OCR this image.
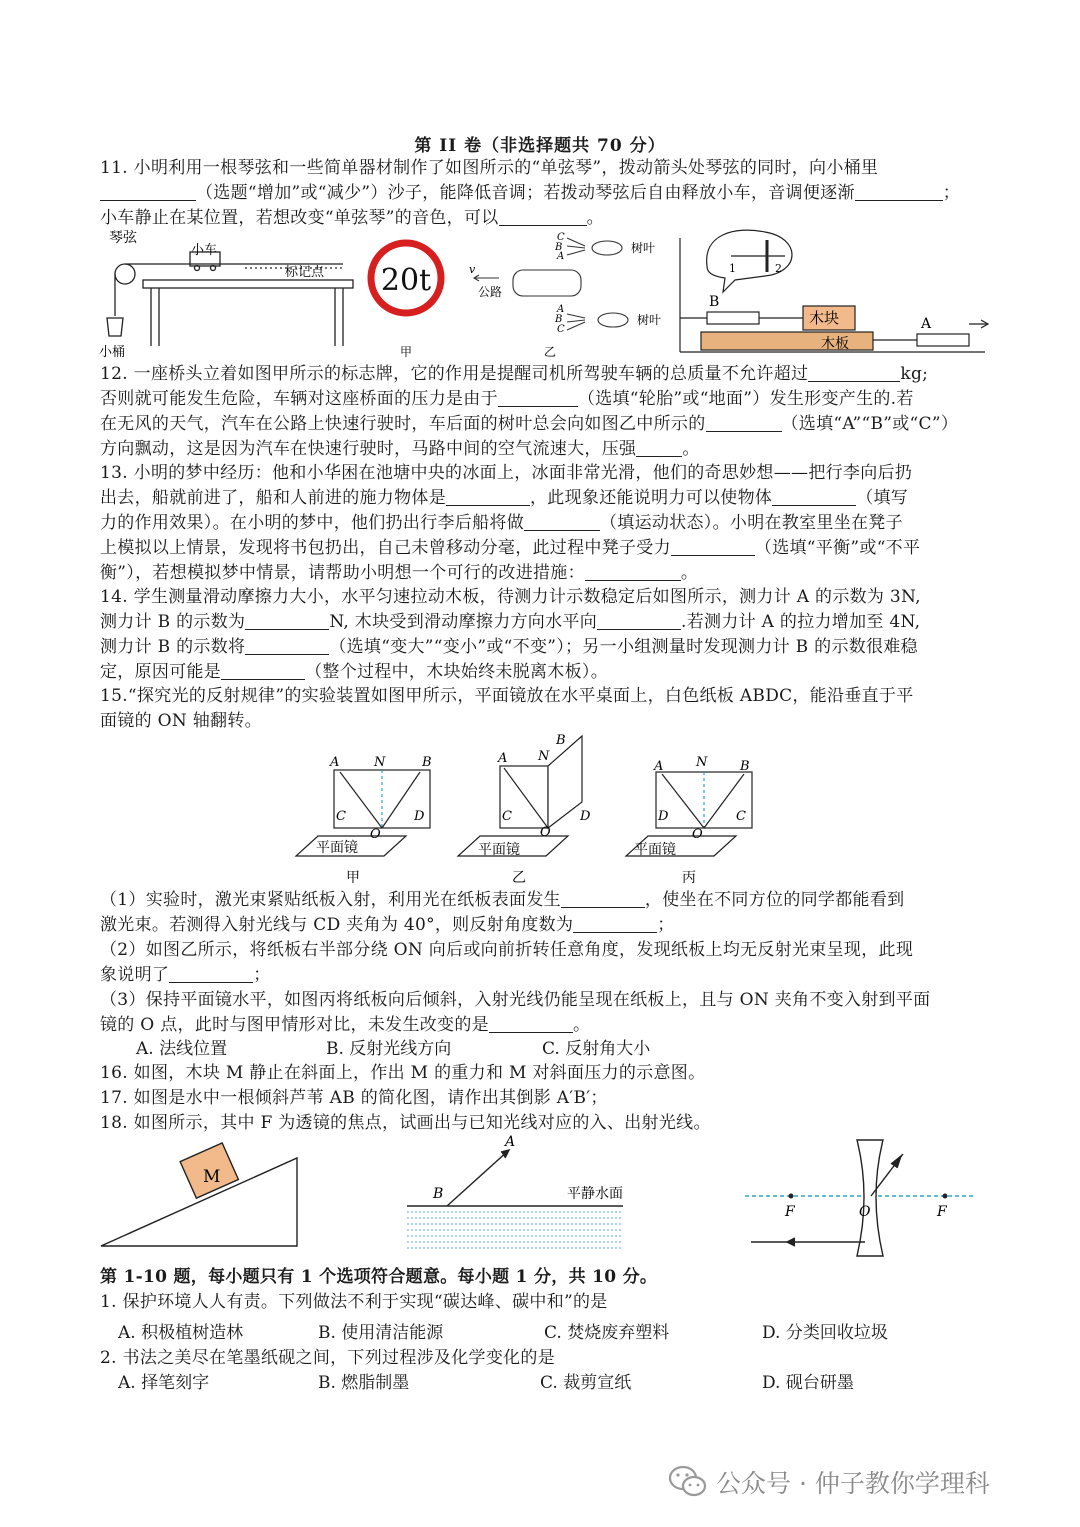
第 II 卷（非选择题共 70 分）
11. 小明利用一根琴弦和一些简单器材制作了如图所示的“单弦琴”，拨动箭头处琴弦的同时，向小桶里
（选题“增加”或“减少”）沙子，能降低音调；若拨动琴弦后自由释放小车，音调便逐渐	；
小车静止在某位置，若想改变“单弦琴”的音色，可以	。
琴弦
小车
标记点
小桶
20t
甲
v
公路
树叶
树叶
C
B
A
A
B
C
乙
1	2
B
A
木块
木板
12. 一座桥头立着如图甲所示的标志牌，它的作用是提醒司机所驾驶车辆的总质量不允许超过	kg;
否则就可能发生危险，车辆对这座桥面的压力是由于	（选填“轮胎”或“地面”）发生形变产生的.若
在无风的天气，汽车在公路上快速行驶时，车后面的树叶总会向如图乙中所示的	（选填“A”“B”或“C”）
方向飘动，这是因为汽车在快速行驶时，马路中间的空气流速大，压强	。
13. 小明的梦中经历：他和小华困在池塘中央的冰面上，冰面非常光滑，他们的奇思妙想——把行李向后扔
出去，船就前进了，船和人前进的施力物体是	，此现象还能说明力可以使物体	（填写
力的作用效果）。在小明的梦中，他们扔出行李后船将做	（填运动状态）。小明在教室里坐在凳子
上模拟以上情景，发现将书包扔出，自己未曾移动分毫，此过程中凳子受力	（选填“平衡”或“不平
衡”），若想模拟梦中情景，请帮助小明想一个可行的改进措施：	。
14. 学生测量滑动摩擦力大小，水平匀速拉动木板，待测力计示数稳定后如图所示，测力计 A 的示数为 3N,
测力计 B 的示数为	N, 木块受到滑动摩擦力方向水平向	.若测力计 A 的拉力增加至 4N,
测力计 B 的示数将	（选填“变大”“变小”或“不变”）；另一小组测量时发现测力计 B 的示数很难稳
定，原因可能是	（整个过程中，木块始终未脱离木板）。
15.“探究光的反射规律”的实验装置如图甲所示，平面镜放在水平桌面上，白色纸板 ABDC，能沿垂直于平
面镜的 ON 轴翻转。
A	N	B
C	D
O
A N
B
C	D
O
A	N	B
D	C
O
平面镜	平面镜	平面镜
甲	乙	丙
（1）实验时，激光束紧贴纸板入射，利用光在纸板表面发生	，使坐在不同方位的同学都能看到
激光束。若测得入射光线与 CD 夹角为 40°，则反射角度数为	；
（2）如图乙所示，将纸板右半部分绕 ON 向后或向前折转任意角度，发现纸板上均无反射光束呈现，此现
象说明了	；
（3）保持平面镜水平，如图丙将纸板向后倾斜，入射光线仍能呈现在纸板上，且与 ON 夹角不变入射到平面
镜的 O 点，此时与图甲情形对比，未发生改变的是	。
A. 法线位置	B. 反射光线方向	C. 反射角大小
16. 如图，木块 M 静止在斜面上，作出 M 的重力和 M 对斜面压力的示意图。
17. 如图是水中一根倾斜芦苇 AB 的简化图，请作出其倒影 A′B′；
18. 如图所示，其中 F 为透镜的焦点，试画出与已知光线对应的入、出射光线。
M
A
B	平静水面
F	O	F
第 1-10 题，每小题只有 1 个选项符合题意。每小题 1 分，共 10 分。
1. 保护环境人人有责。下列做法不利于实现“碳达峰、碳中和”的是
A. 积极植树造林	B. 使用清洁能源	C. 焚烧废弃塑料	D. 分类回收垃圾
2. 书法之美尽在笔墨纸砚之间，下列过程涉及化学变化的是
A. 择笔刻字	B. 燃脂制墨	C. 裁剪宣纸	D. 砚台研墨
公众号 · 仲子教你学理科
